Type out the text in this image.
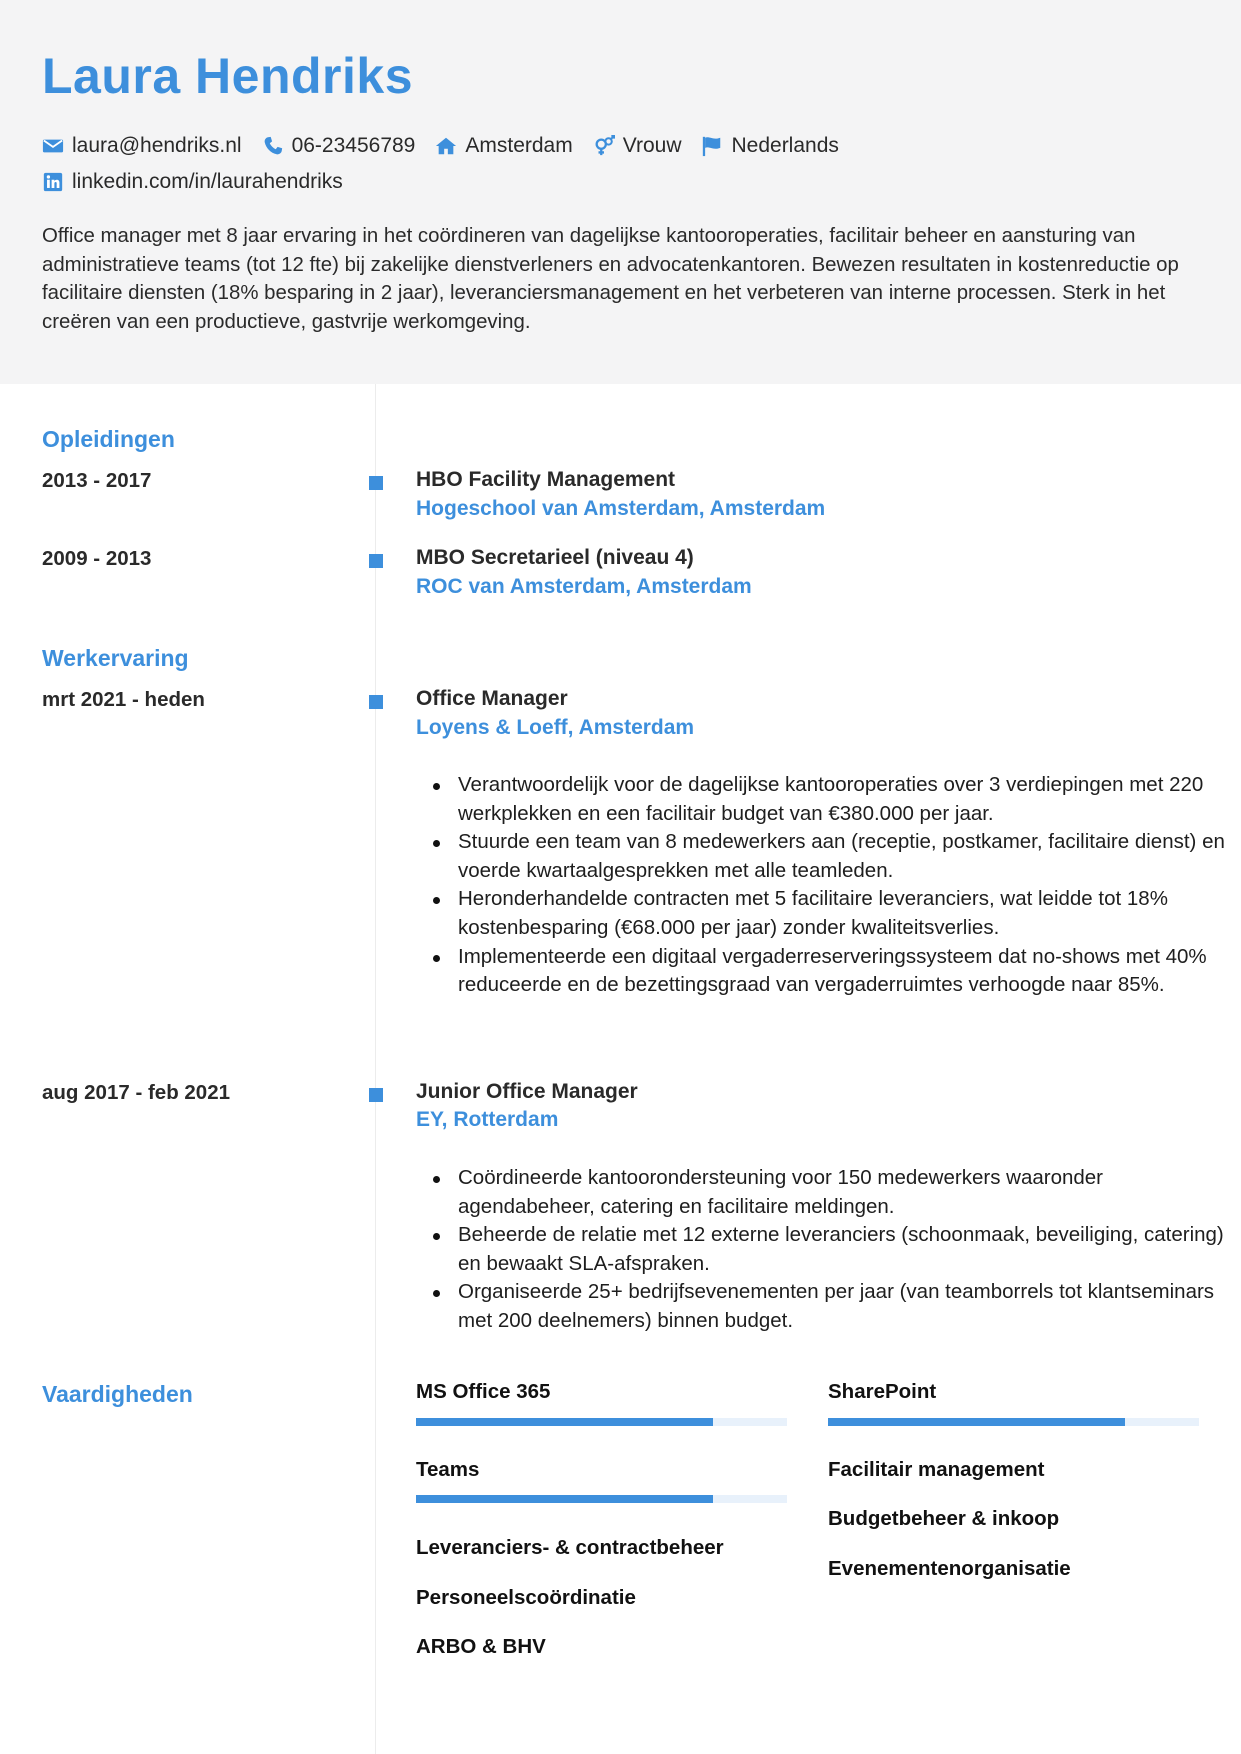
Laura Hendriks
laura@hendriks.nl 06-23456789 Amsterdam Vrouw Nederlands
linkedin.com/in/laurahendriks

Office manager met 8 jaar ervaring in het coördineren van dagelijkse kantooroperaties, facilitair beheer en aansturing van administratieve teams (tot 12 fte) bij zakelijke dienstverleners en advocatenkantoren. Bewezen resultaten in kostenreductie op facilitaire diensten (18% besparing in 2 jaar), leveranciersmanagement en het verbeteren van interne processen. Sterk in het creëren van een productieve, gastvrije werkomgeving.

Opleidingen
2013 - 2017	HBO Facility Management
Hogeschool van Amsterdam, Amsterdam
2009 - 2013	MBO Secretarieel (niveau 4)
ROC van Amsterdam, Amsterdam
Werkervaring
mrt 2021 - heden	Office Manager
Loyens & Loeff, Amsterdam
Verantwoordelijk voor de dagelijkse kantooroperaties over 3 verdiepingen met 220 werkplekken en een facilitair budget van €380.000 per jaar.
Stuurde een team van 8 medewerkers aan (receptie, postkamer, facilitaire dienst) en voerde kwartaalgesprekken met alle teamleden.
Heronderhandelde contracten met 5 facilitaire leveranciers, wat leidde tot 18% kostenbesparing (€68.000 per jaar) zonder kwaliteitsverlies.
Implementeerde een digitaal vergaderreserveringssysteem dat no-shows met 40% reduceerde en de bezettingsgraad van vergaderruimtes verhoogde naar 85%.
aug 2017 - feb 2021	Junior Office Manager
EY, Rotterdam
Coördineerde kantoorondersteuning voor 150 medewerkers waaronder agendabeheer, catering en facilitaire meldingen.
Beheerde de relatie met 12 externe leveranciers (schoonmaak, beveiliging, catering) en bewaakt SLA-afspraken.
Organiseerde 25+ bedrijfsevenementen per jaar (van teamborrels tot klantseminars met 200 deelnemers) binnen budget.
Vaardigheden	MS Office 365	SharePoint
Teams
Leveranciers- & contractbeheer
Personeelscoördinatie
ARBO & BHV
Facilitair management
Budgetbeheer & inkoop
Evenementenorganisatie
